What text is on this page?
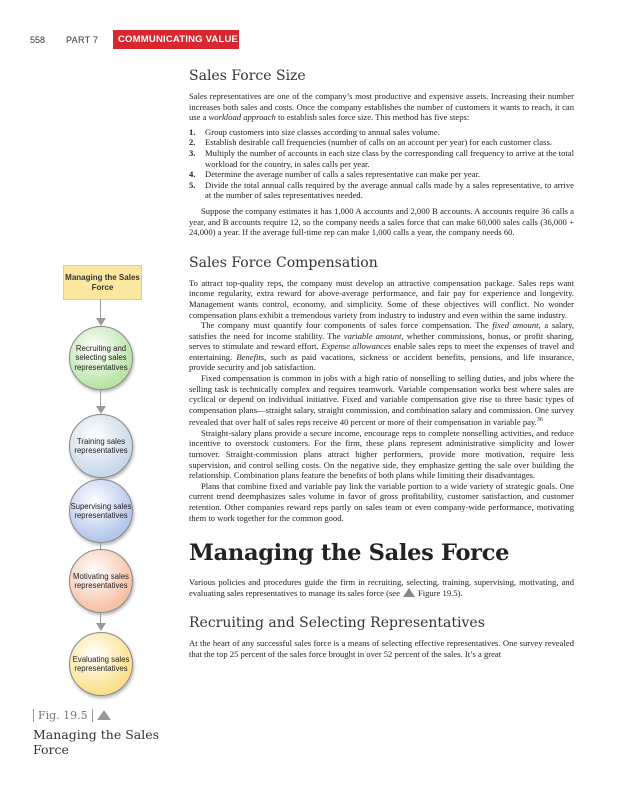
558 PART 7	COMMUNICATING VALUE
Managing the Sales Force
Recruiting and selecting sales representatives
Training sales representatives
Supervising sales representatives
Motivating sales representatives
Evaluating sales representatives
Fig. 19.5
Managing the Sales Force
Sales Force Size

Sales representatives are one of the company’s most productive and expensive assets. Increasing their number increases both sales and costs. Once the company establishes the number of customers it wants to reach, it can use a workload approach to establish sales force size. This method has five steps:

1. Group customers into size classes according to annual sales volume.
2. Establish desirable call frequencies (number of calls on an account per year) for each customer class.
3. Multiply the number of accounts in each size class by the corresponding call frequency to arrive at the total workload for the country, in sales calls per year.
4. Determine the average number of calls a sales representative can make per year.
5. Divide the total annual calls required by the average annual calls made by a sales representative, to arrive at the number of sales representatives needed.

Suppose the company estimates it has 1,000 A accounts and 2,000 B accounts. A accounts require 36 calls a year, and B accounts require 12, so the company needs a sales force that can make 60,000 sales calls (36,000 + 24,000) a year. If the average full-time rep can make 1,000 calls a year, the company needs 60.

Sales Force Compensation

To attract top-quality reps, the company must develop an attractive compensation package. Sales reps want income regularity, extra reward for above-average performance, and fair pay for experience and longevity. Management wants control, economy, and simplicity. Some of these objectives will conflict. No wonder compensation plans exhibit a tremendous variety from industry to industry and even within the same industry.

The company must quantify four components of sales force compensation. The fixed amount, a salary, satisfies the need for income stability. The variable amount, whether commissions, bonus, or profit sharing, serves to stimulate and reward effort. Expense allowances enable sales reps to meet the expenses of travel and entertaining. Benefits, such as paid vacations, sickness or accident benefits, pensions, and life insurance, provide security and job satisfaction.

Fixed compensation is common in jobs with a high ratio of nonselling to selling duties, and jobs where the selling task is technically complex and requires teamwork. Variable compensation works best where sales are cyclical or depend on individual initiative. Fixed and variable compensation give rise to three basic types of compensation plans—straight salary, straight commission, and combination salary and commission. One survey revealed that over half of sales reps receive 40 percent or more of their compensation in variable pay.$^{36}$

Straight-salary plans provide a secure income, encourage reps to complete nonselling activities, and reduce incentive to overstock customers. For the firm, these plans represent administrative simplicity and lower turnover. Straight-commission plans attract higher performers, provide more motivation, require less supervision, and control selling costs. On the negative side, they emphasize getting the sale over building the relationship. Combination plans feature the benefits of both plans while limiting their disadvantages.

Plans that combine fixed and variable pay link the variable portion to a wide variety of strategic goals. One current trend deemphasizes sales volume in favor of gross profitability, customer satisfaction, and customer retention. Other companies reward reps partly on sales team or even company-wide performance, motivating them to work together for the common good.

Managing the Sales Force

Various policies and procedures guide the firm in recruiting, selecting, training, supervising, motivating, and evaluating sales representatives to manage its sales force (see Figure 19.5).

Recruiting and Selecting Representatives

At the heart of any successful sales force is a means of selecting effective representatives. One survey revealed that the top 25 percent of the sales force brought in over 52 percent of the sales. It’s a great
